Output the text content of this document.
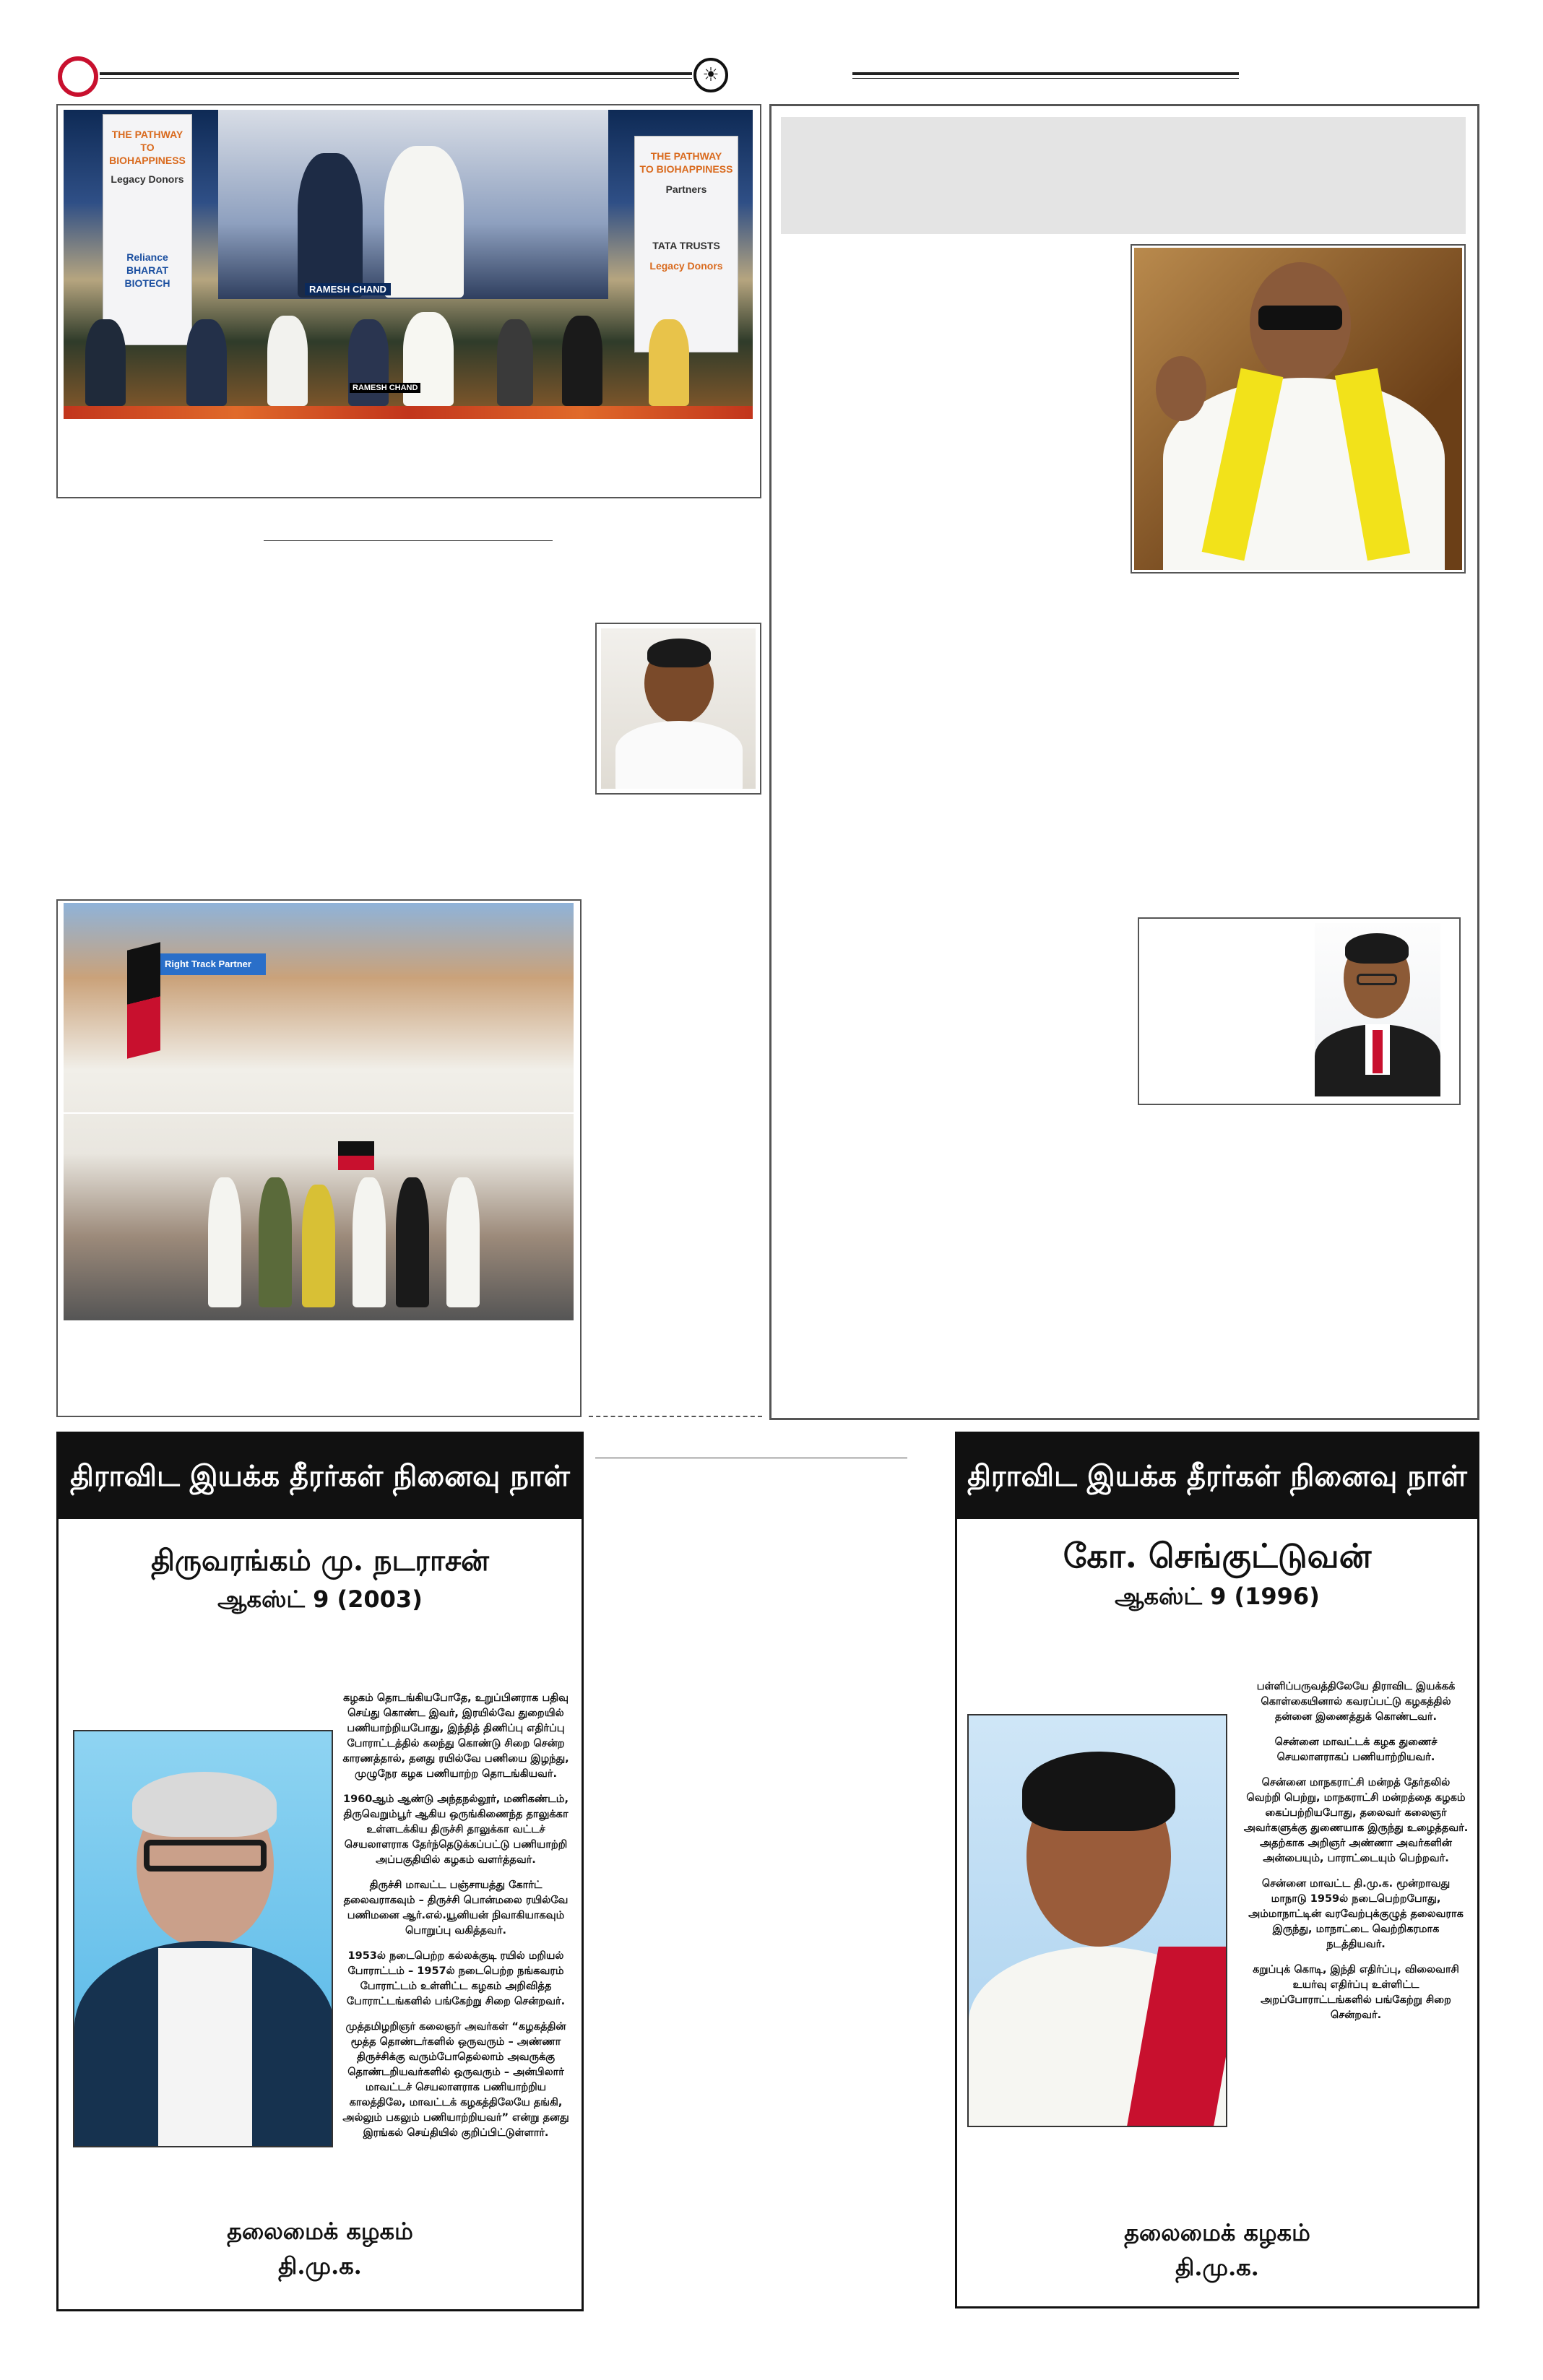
☀
THE PATHWAY
TO BIOHAPPINESS
Legacy Donors
Reliance
BHARAT
BIOTECH
RAMESH CHAND
THE PATHWAY
TO BIOHAPPINESS
Partners
TATA TRUSTS
Legacy Donors
RAMESH CHAND
Right Track Partner
திராவிட இயக்க தீரர்கள் நினைவு நாள்
திருவரங்கம் மு. நடராசன்
ஆகஸ்ட் 9 (2003)

கழகம் தொடங்கியபோதே, உறுப்பினராக பதிவு செய்து கொண்ட இவர், இரயில்வே துறையில் பணியாற்றியபோது, இந்தித் திணிப்பு எதிர்ப்பு போராட்டத்தில் கலந்து கொண்டு சிறை சென்ற காரணத்தால், தனது ரயில்வே பணியை இழந்து, முழுநேர கழக பணியாற்ற தொடங்கியவர்.

1960ஆம் ஆண்டு அந்தநல்லூர், மணிகண்டம், திருவெறும்பூர் ஆகிய ஒருங்கிணைந்த தாலுக்கா உள்ளடக்கிய திருச்சி தாலுக்கா வட்டச் செயலாளராக தேர்ந்தெடுக்கப்பட்டு பணியாற்றி அப்பகுதியில் கழகம் வளர்த்தவர்.

திருச்சி மாவட்ட பஞ்சாயத்து கோர்ட் தலைவராகவும் – திருச்சி பொன்மலை ரயில்வே பணிமனை ஆர்.எல்.யூனியன் நிவாகியாகவும் பொறுப்பு வகித்தவர்.

1953ல் நடைபெற்ற கல்லக்குடி ரயில் மறியல் போராட்டம் – 1957ல் நடைபெற்ற நங்கவரம் போராட்டம் உள்ளிட்ட கழகம் அறிவித்த போராட்டங்களில் பங்கேற்று சிறை சென்றவர்.

முத்தமிழறிஞர் கலைஞர் அவர்கள் “கழகத்தின் மூத்த தொண்டர்களில் ஒருவரும் – அண்ணா திருச்சிக்கு வரும்போதெல்லாம் அவருக்கு தொண்டறியவர்களில் ஒருவரும் – அன்பிலார் மாவட்டச் செயலாளராக பணியாற்றிய காலத்திலே, மாவட்டக் கழகத்திலேயே தங்கி, அல்லும் பகலும் பணியாற்றியவர்” என்று தனது இரங்கல் செய்தியில் குறிப்பிட்டுள்ளார்.

தலைமைக் கழகம்
தி.மு.க.
திராவிட இயக்க தீரர்கள் நினைவு நாள்
கோ. செங்குட்டுவன்
ஆகஸ்ட் 9 (1996)

பள்ளிப்பருவத்திலேயே திராவிட இயக்கக் கொள்கையினால் கவரப்பட்டு கழகத்தில் தன்னை இணைத்துக் கொண்டவர்.

சென்னை மாவட்டக் கழக துணைச் செயலாளராகப் பணியாற்றியவர்.

சென்னை மாநகராட்சி மன்றத் தேர்தலில் வெற்றி பெற்று, மாநகராட்சி மன்றத்தை கழகம் கைப்பற்றியபோது, தலைவர் கலைஞர் அவர்களுக்கு துணையாக இருந்து உழைத்தவர். அதற்காக அறிஞர் அண்ணா அவர்களின் அன்பையும், பாராட்டையும் பெற்றவர்.

சென்னை மாவட்ட தி.மு.க. மூன்றாவது மாநாடு 1959ல் நடைபெற்றபோது, அம்மாநாட்டின் வரவேற்புக்குழுத் தலைவராக இருந்து, மாநாட்டை வெற்றிகரமாக நடத்தியவர்.

கறுப்புக் கொடி, இந்தி எதிர்ப்பு, விலைவாசி உயர்வு எதிர்ப்பு உள்ளிட்ட அறப்போராட்டங்களில் பங்கேற்று சிறை சென்றவர்.

தலைமைக் கழகம்
தி.மு.க.
